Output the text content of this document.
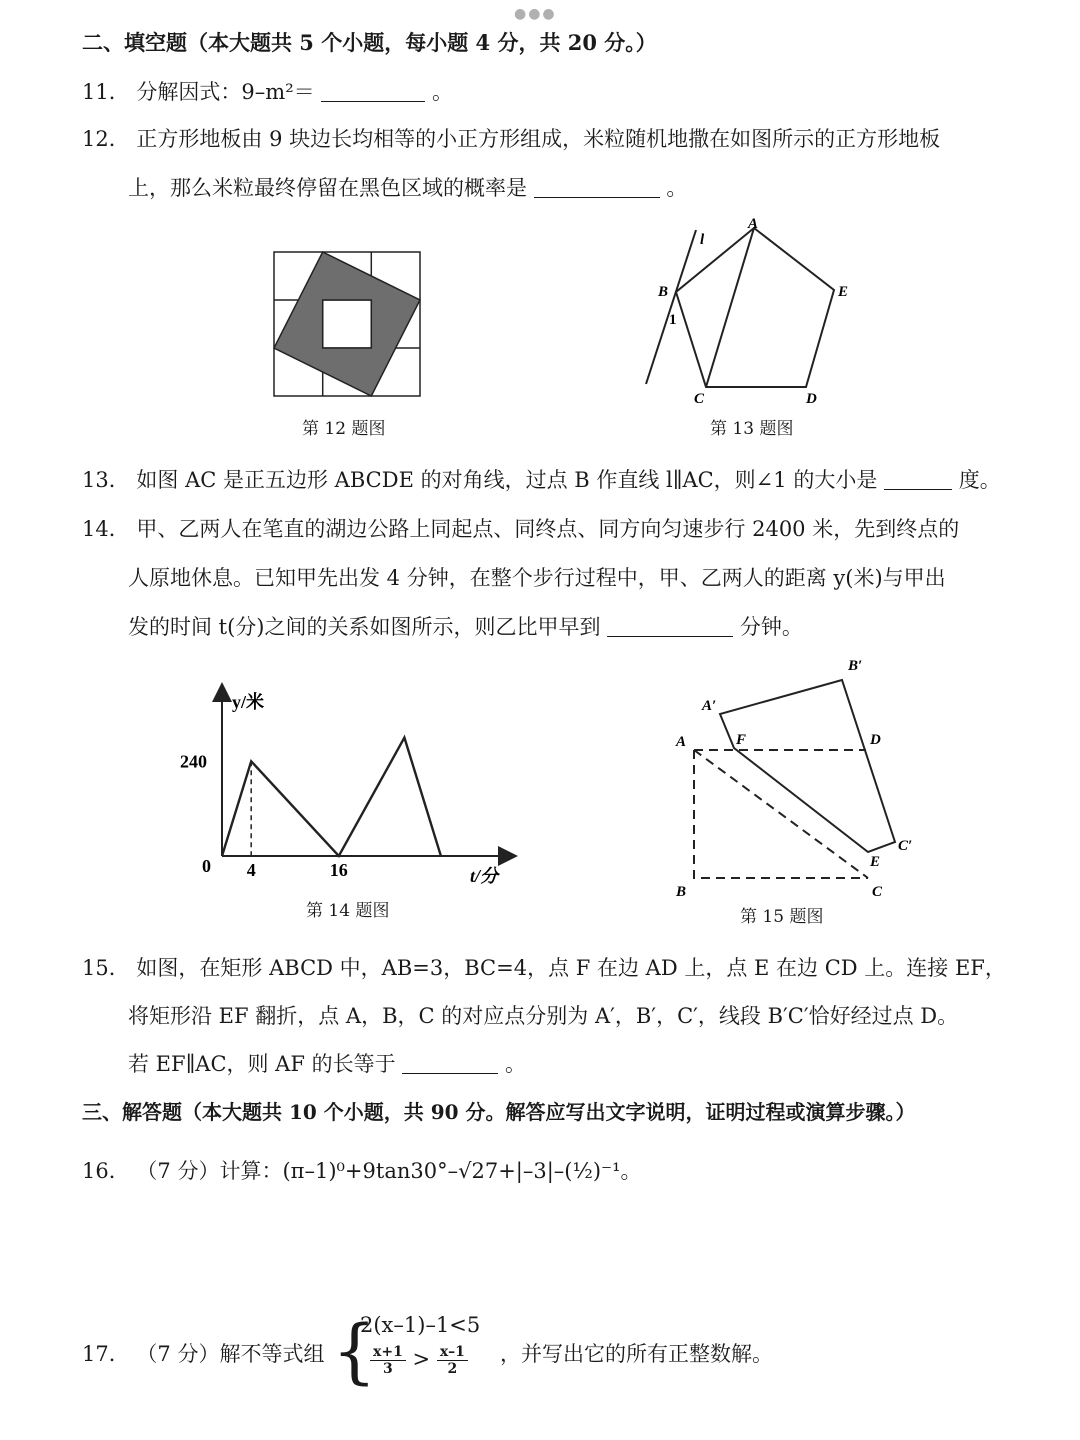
●●●
二、填空题（本大题共 5 个小题，每小题 4 分，共 20 分。）
11． 分解因式：9–m²＝	。
12． 正方形地板由 9 块边长均相等的小正方形组成，米粒随机地撒在如图所示的正方形地板
上，那么米粒最终停留在黑色区域的概率是	。
第 12 题图
A
B
C	D
E
l
1
第 13 题图
13． 如图 AC 是正五边形 ABCDE 的对角线，过点 B 作直线 l∥AC，则∠1 的大小是	度。
14． 甲、乙两人在笔直的湖边公路上同起点、同终点、同方向匀速步行 2400 米，先到终点的
人原地休息。已知甲先出发 4 分钟，在整个步行过程中，甲、乙两人的距离 y(米)与甲出
发的时间 t(分)之间的关系如图所示，则乙比甲早到	分钟。
y/米
t/分
0
240
4	16
第 14 题图
A
B	C
D
E
F
A′
B′
C′
第 15 题图
15． 如图，在矩形 ABCD 中，AB=3，BC=4，点 F 在边 AD 上，点 E 在边 CD 上。连接 EF，
将矩形沿 EF 翻折，点 A，B，C 的对应点分别为 A′，B′，C′，线段 B′C′恰好经过点 D。
若 EF∥AC，则 AF 的长等于	。
三、解答题（本大题共 10 个小题，共 90 分。解答应写出文字说明，证明过程或演算步骤。）
16． （7 分）计算：(π–1)⁰+9tan30°–√27+|–3|–(½)⁻¹。
17． （7 分）解不等式组 {
2(x–1)–1<5
$\frac{x+1}{3} > \frac{x-1}{2}$ ，并写出它的所有正整数解。
